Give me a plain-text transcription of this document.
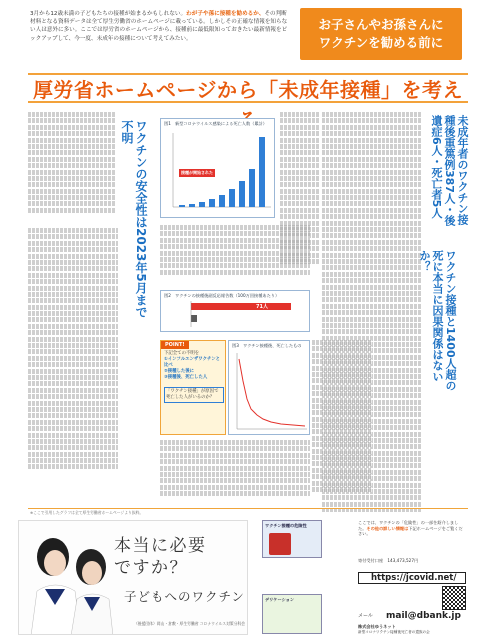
3月から12歳未満の子どもたちの接種が始まるかもしれない。わが子や孫に接種を勧めるか、その判断材料となる資料データは全て厚生労働省のホームページに載っている。しかしその正確な情報を知らない人は意外に多い。ここでは厚労省のホームページから、接種前に最低限知っておきたい最新情報をピックアップして、今一度、未成年の接種について考えてみたい。
お子さんやお孫さんに
ワクチンを勧める前に
厚労省ホームページから「未成年接種」を考え
ワクチンの安全性は2023年5月まで不明	未成年者のワクチン接種後重篤例387人・後遺症6人・死亡者5人
ワクチン接種と1400人超の死に本当に因果関係はないか？
図1　新型コロナウイルス感染による死亡人数（累計）
接種が開始された
図2　ワクチンの接種後副反応報告数（100万回接種あたり）
71人
POINT!
下記全ての不明を
①インフルエンザワクチンと比べ
②接種した後に
③接種後、死亡した人
「ワクチン接種」が原因で死亡した人がいるのか？
図3　ワクチン接種後、死亡したもの
※ここで引用したグラフは全て厚生労働省ホームページより抜粋。
本当に必要ですか？
子どもへのワクチン
（後援団体）岡山・倉敷・厚生労働省 コロナウイルス対策分科会
ワクチン接種の危険性
デリケーション
ここでは、ワクチンの「危険性」の一部を紹介しました。その他の詳しい情報は下記ホームページをご覧ください。
寄付受付口座　 143,473,527円
https://jcovid.net/
メール mail@dbank.jp
株式会社ゆうネット
新型コロナワクチン接種後死亡者の遺族の会
